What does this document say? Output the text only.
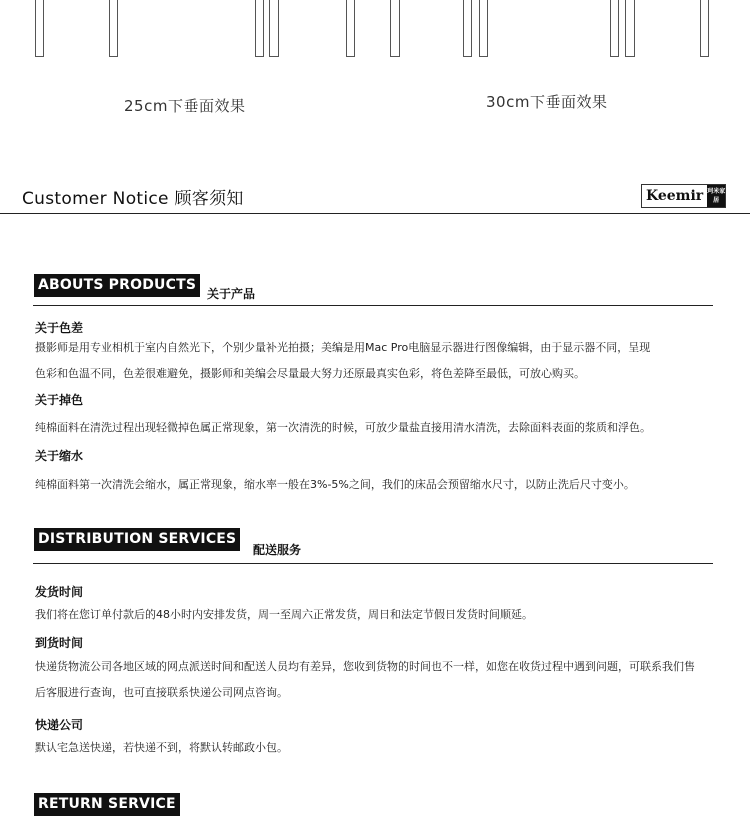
25cm下垂面效果	30cm下垂面效果
Customer Notice 顾客须知	Keemir 珂米家居
ABOUTS PRODUCTS
关于产品
关于色差
摄影师是用专业相机于室内自然光下，个别少量补光拍摄；美编是用Mac Pro电脑显示器进行图像编辑，由于显示器不同，呈现
色彩和色温不同，色差很难避免，摄影师和美编会尽量最大努力还原最真实色彩，将色差降至最低，可放心购买。
关于掉色
纯棉面料在清洗过程出现轻微掉色属正常现象，第一次清洗的时候，可放少量盐直接用清水清洗，去除面料表面的浆质和浮色。
关于缩水
纯棉面料第一次清洗会缩水，属正常现象，缩水率一般在3%-5%之间，我们的床品会预留缩水尺寸，以防止洗后尺寸变小。
DISTRIBUTION SERVICES
配送服务
发货时间
我们将在您订单付款后的48小时内安排发货，周一至周六正常发货，周日和法定节假日发货时间顺延。
到货时间
快递货物流公司各地区域的网点派送时间和配送人员均有差异，您收到货物的时间也不一样，如您在收货过程中遇到问题，可联系我们售
后客服进行查询，也可直接联系快递公司网点咨询。
快递公司
默认宅急送快递，若快递不到，将默认转邮政小包。
RETURN SERVICE
